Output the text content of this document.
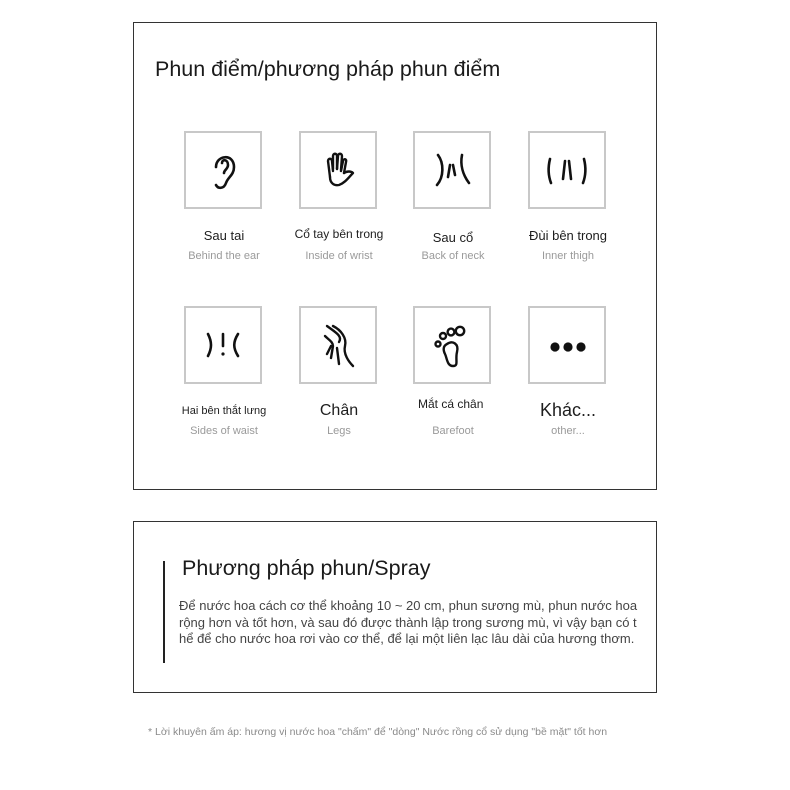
Phun điểm/phương pháp phun điểm
Sau tai
Behind the ear
Cổ tay bên trong
Inside of wrist
Sau cổ
Back of neck
Đùi bên trong
Inner thigh
Hai bên thắt lưng
Sides of waist
Chân
Legs
Mắt cá chân
Barefoot
Khác...
other...
Phương pháp phun/Spray
Để nước hoa cách cơ thể khoảng 10 ~ 20 cm, phun sương mù, phun nước hoa rộng hơn và tốt hơn, và sau đó được thành lập trong sương mù, vì vậy bạn có thể để cho nước hoa rơi vào cơ thể, để lại một liên lạc lâu dài của hương thơm.
* Lời khuyên ấm áp: hương vị nước hoa "chấm" để "dòng" Nước rồng cổ sử dụng "bề mặt" tốt hơn
